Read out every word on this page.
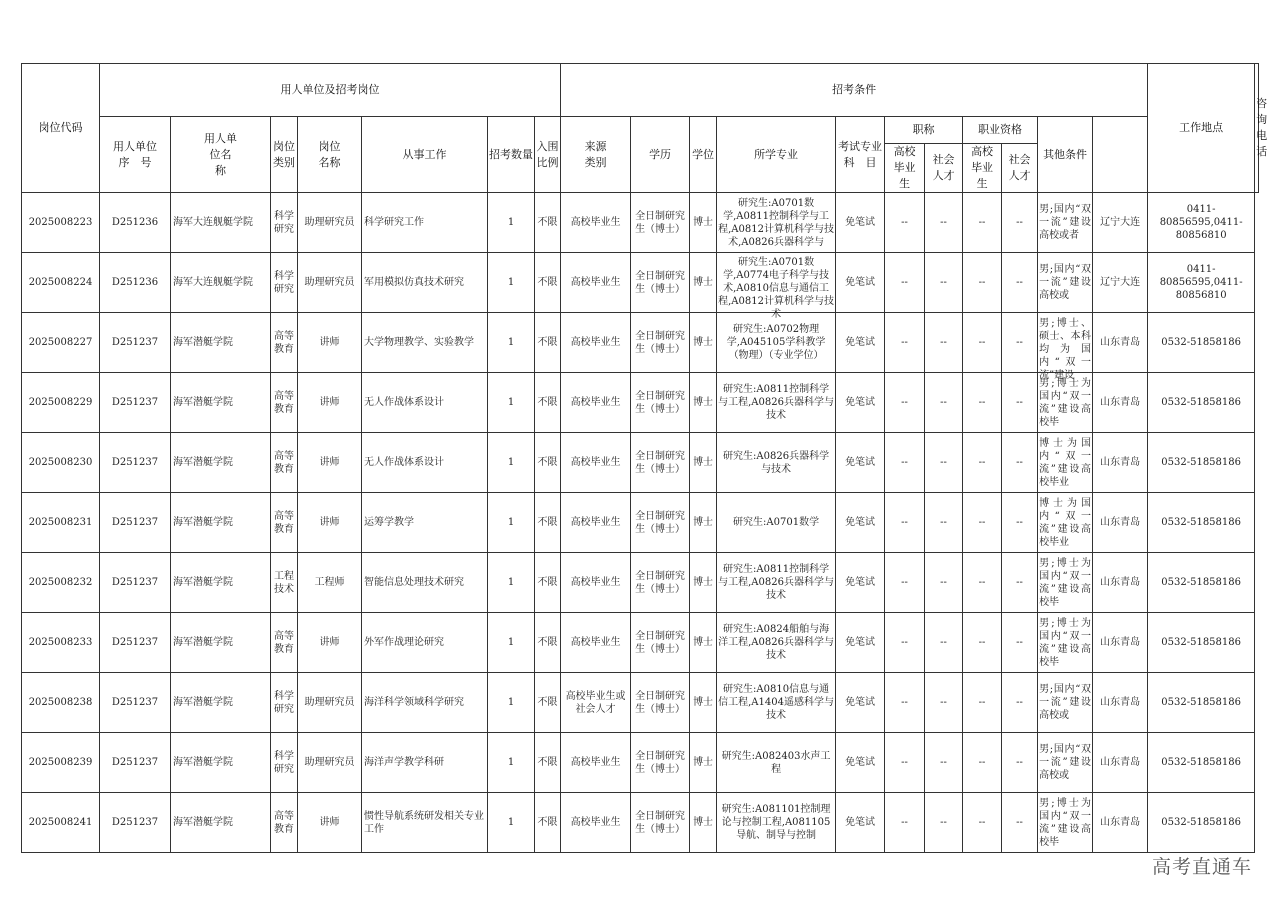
岗位代码	用人单位及招考岗位							招考条件											工作地点	咨询电话
	用人单位序　号	用人单位名　称	岗位类别	岗位名称	从事工作	招考数量	入围比例	来源类别	学历	学位	所学专业	考试专业科　目	职称		职业资格		其他条件			
													高校毕业生	社会人才	高校毕业生	社会人才				
2025008223	D251236	海军大连舰艇学院	科学研究	助理研究员	科学研究工作	1	不限	高校毕业生	全日制研究生（博士）	博士	研究生:A0701数学,A0811控制科学与工程,A0812计算机科学与技术,A0826兵器科学与	免笔试	--	--	--	--	男;国内“双一流”建设高校或者	辽宁大连	0411-80856595,0411-80856810	
2025008224	D251236	海军大连舰艇学院	科学研究	助理研究员	军用模拟仿真技术研究	1	不限	高校毕业生	全日制研究生（博士）	博士	研究生:A0701数学,A0774电子科学与技术,A0810信息与通信工程,A0812计算机科学与技术	免笔试	--	--	--	--	男;国内“双一流”建设高校或	辽宁大连	0411-80856595,0411-80856810	
2025008227	D251237	海军潜艇学院	高等教育	讲师	大学物理教学、实验教学	1	不限	高校毕业生	全日制研究生（博士）	博士	研究生:A0702物理学,A045105学科教学（物理）（专业学位）	免笔试	--	--	--	--	男;博士、硕士、本科均为国内“双一流”建设	山东青岛	0532-51858186	
2025008229	D251237	海军潜艇学院	高等教育	讲师	无人作战体系设计	1	不限	高校毕业生	全日制研究生（博士）	博士	研究生:A0811控制科学与工程,A0826兵器科学与技术	免笔试	--	--	--	--	男;博士为国内“双一流”建设高校毕	山东青岛	0532-51858186	
2025008230	D251237	海军潜艇学院	高等教育	讲师	无人作战体系设计	1	不限	高校毕业生	全日制研究生（博士）	博士	研究生:A0826兵器科学与技术	免笔试	--	--	--	--	博士为国内“双一流”建设高校毕业	山东青岛	0532-51858186	
2025008231	D251237	海军潜艇学院	高等教育	讲师	运筹学教学	1	不限	高校毕业生	全日制研究生（博士）	博士	研究生:A0701数学	免笔试	--	--	--	--	博士为国内“双一流”建设高校毕业	山东青岛	0532-51858186	
2025008232	D251237	海军潜艇学院	工程技术	工程师	智能信息处理技术研究	1	不限	高校毕业生	全日制研究生（博士）	博士	研究生:A0811控制科学与工程,A0826兵器科学与技术	免笔试	--	--	--	--	男;博士为国内“双一流”建设高校毕	山东青岛	0532-51858186	
2025008233	D251237	海军潜艇学院	高等教育	讲师	外军作战理论研究	1	不限	高校毕业生	全日制研究生（博士）	博士	研究生:A0824船舶与海洋工程,A0826兵器科学与技术	免笔试	--	--	--	--	男;博士为国内“双一流”建设高校毕	山东青岛	0532-51858186	
2025008238	D251237	海军潜艇学院	科学研究	助理研究员	海洋科学领域科学研究	1	不限	高校毕业生或社会人才	全日制研究生（博士）	博士	研究生:A0810信息与通信工程,A1404遥感科学与技术	免笔试	--	--	--	--	男;国内“双一流”建设高校或	山东青岛	0532-51858186	
2025008239	D251237	海军潜艇学院	科学研究	助理研究员	海洋声学教学科研	1	不限	高校毕业生	全日制研究生（博士）	博士	研究生:A082403水声工程	免笔试	--	--	--	--	男;国内“双一流”建设高校或	山东青岛	0532-51858186	
2025008241	D251237	海军潜艇学院	高等教育	讲师	惯性导航系统研发相关专业工作	1	不限	高校毕业生	全日制研究生（博士）	博士	研究生:A081101控制理论与控制工程,A081105导航、制导与控制	免笔试	--	--	--	--	男;博士为国内“双一流”建设高校毕	山东青岛	0532-51858186	
高考直通车
